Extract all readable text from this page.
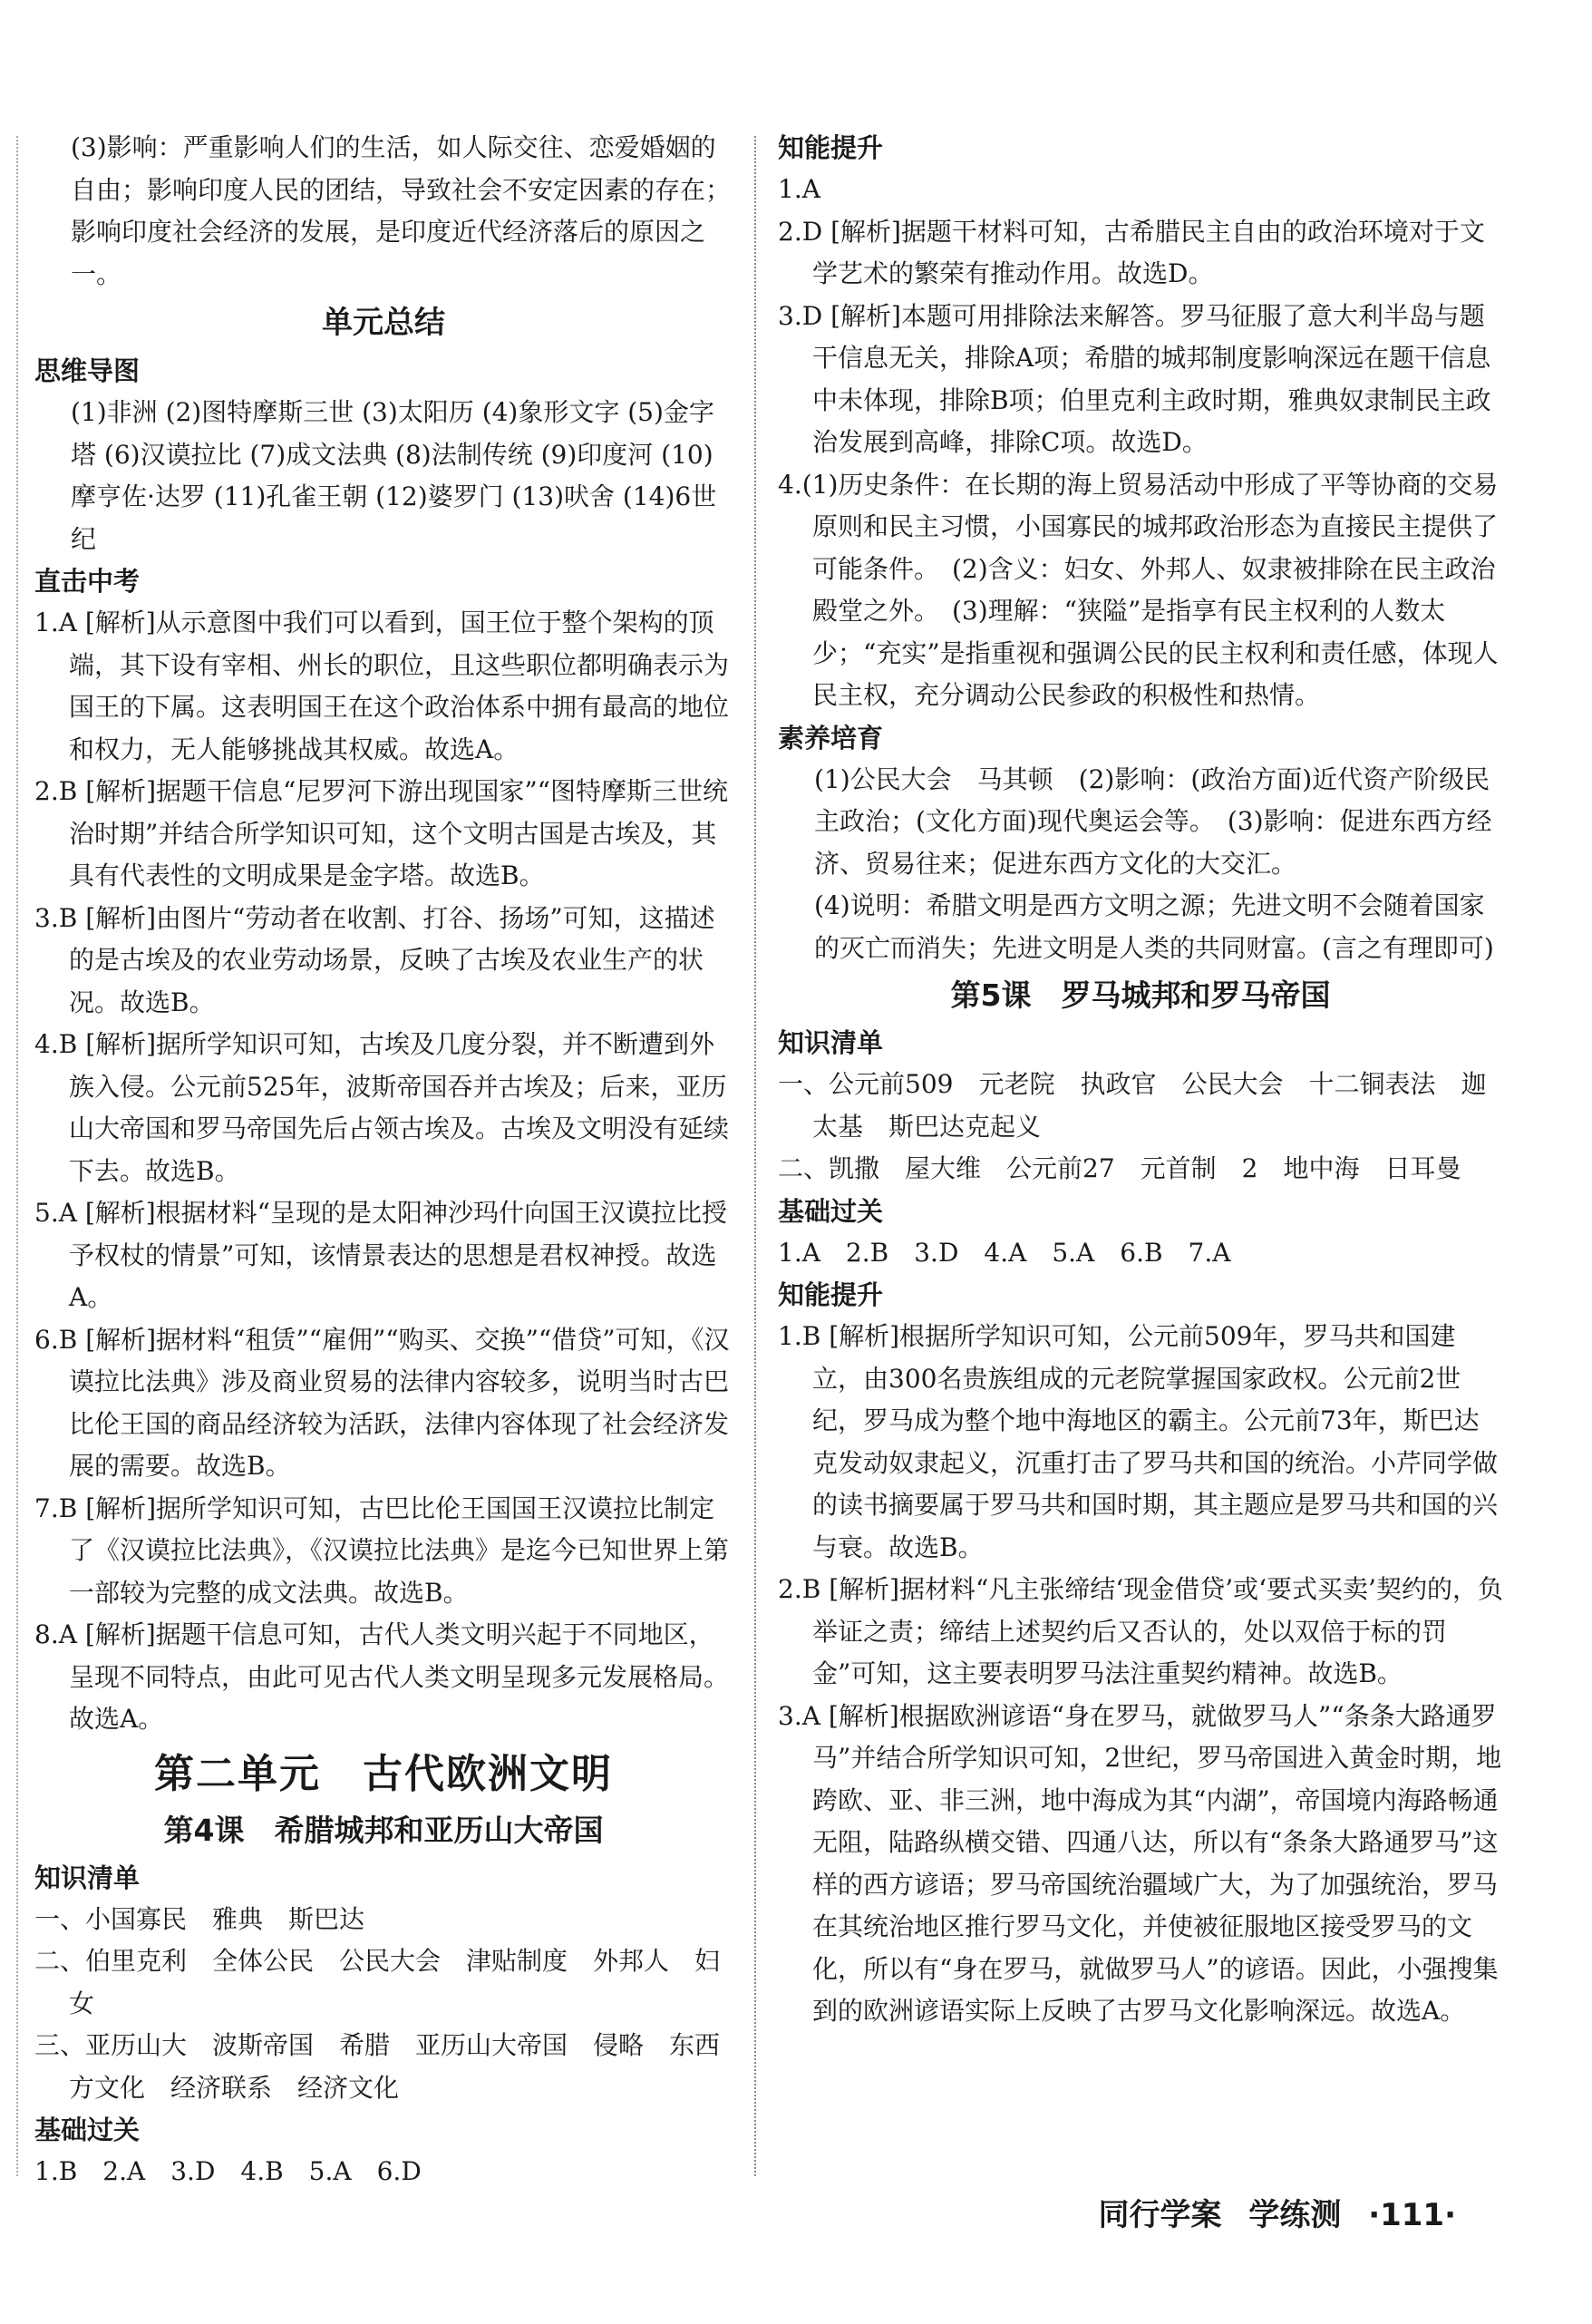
(3)影响：严重影响人们的生活，如人际交往、恋爱婚姻的自由；影响印度人民的团结，导致社会不安定因素的存在；影响印度社会经济的发展，是印度近代经济落后的原因之一。

单元总结

思维导图

(1)非洲 (2)图特摩斯三世 (3)太阳历 (4)象形文字 (5)金字塔 (6)汉谟拉比 (7)成文法典 (8)法制传统 (9)印度河 (10)摩亨佐·达罗 (11)孔雀王朝 (12)婆罗门 (13)吠舍 (14)6世纪

直击中考

1.A [解析]从示意图中我们可以看到，国王位于整个架构的顶端，其下设有宰相、州长的职位，且这些职位都明确表示为国王的下属。这表明国王在这个政治体系中拥有最高的地位和权力，无人能够挑战其权威。故选A。

2.B [解析]据题干信息“尼罗河下游出现国家”“图特摩斯三世统治时期”并结合所学知识可知，这个文明古国是古埃及，其具有代表性的文明成果是金字塔。故选B。

3.B [解析]由图片“劳动者在收割、打谷、扬场”可知，这描述的是古埃及的农业劳动场景，反映了古埃及农业生产的状况。故选B。

4.B [解析]据所学知识可知，古埃及几度分裂，并不断遭到外族入侵。公元前525年，波斯帝国吞并古埃及；后来，亚历山大帝国和罗马帝国先后占领古埃及。古埃及文明没有延续下去。故选B。

5.A [解析]根据材料“呈现的是太阳神沙玛什向国王汉谟拉比授予权杖的情景”可知，该情景表达的思想是君权神授。故选A。

6.B [解析]据材料“租赁”“雇佣”“购买、交换”“借贷”可知，《汉谟拉比法典》涉及商业贸易的法律内容较多，说明当时古巴比伦王国的商品经济较为活跃，法律内容体现了社会经济发展的需要。故选B。

7.B [解析]据所学知识可知，古巴比伦王国国王汉谟拉比制定了《汉谟拉比法典》，《汉谟拉比法典》是迄今已知世界上第一部较为完整的成文法典。故选B。

8.A [解析]据题干信息可知，古代人类文明兴起于不同地区，呈现不同特点，由此可见古代人类文明呈现多元发展格局。故选A。

第二单元　古代欧洲文明
第4课　希腊城邦和亚历山大帝国

知识清单

一、小国寡民　雅典　斯巴达

二、伯里克利　全体公民　公民大会　津贴制度　外邦人　妇女

三、亚历山大　波斯帝国　希腊　亚历山大帝国　侵略　东西方文化　经济联系　经济文化

基础过关

1.B　2.A　3.D　4.B　5.A　6.D

知能提升

1.A

2.D [解析]据题干材料可知，古希腊民主自由的政治环境对于文学艺术的繁荣有推动作用。故选D。

3.D [解析]本题可用排除法来解答。罗马征服了意大利半岛与题干信息无关，排除A项；希腊的城邦制度影响深远在题干信息中未体现，排除B项；伯里克利主政时期，雅典奴隶制民主政治发展到高峰，排除C项。故选D。

4.(1)历史条件：在长期的海上贸易活动中形成了平等协商的交易原则和民主习惯，小国寡民的城邦政治形态为直接民主提供了可能条件。　(2)含义：妇女、外邦人、奴隶被排除在民主政治殿堂之外。　(3)理解：“狭隘”是指享有民主权利的人数太少；“充实”是指重视和强调公民的民主权利和责任感，体现人民主权，充分调动公民参政的积极性和热情。

素养培育

(1)公民大会　马其顿　(2)影响：(政治方面)近代资产阶级民主政治；(文化方面)现代奥运会等。　(3)影响：促进东西方经济、贸易往来；促进东西方文化的大交汇。

(4)说明：希腊文明是西方文明之源；先进文明不会随着国家的灭亡而消失；先进文明是人类的共同财富。(言之有理即可)

第5课　罗马城邦和罗马帝国

知识清单

一、公元前509　元老院　执政官　公民大会　十二铜表法　迦太基　斯巴达克起义

二、凯撒　屋大维　公元前27　元首制　2　地中海　日耳曼

基础过关

1.A　2.B　3.D　4.A　5.A　6.B　7.A

知能提升

1.B [解析]根据所学知识可知，公元前509年，罗马共和国建立，由300名贵族组成的元老院掌握国家政权。公元前2世纪，罗马成为整个地中海地区的霸主。公元前73年，斯巴达克发动奴隶起义，沉重打击了罗马共和国的统治。小芹同学做的读书摘要属于罗马共和国时期，其主题应是罗马共和国的兴与衰。故选B。

2.B [解析]据材料“凡主张缔结‘现金借贷’或‘要式买卖’契约的，负举证之责；缔结上述契约后又否认的，处以双倍于标的罚金”可知，这主要表明罗马法注重契约精神。故选B。

3.A [解析]根据欧洲谚语“身在罗马，就做罗马人”“条条大路通罗马”并结合所学知识可知，2世纪，罗马帝国进入黄金时期，地跨欧、亚、非三洲，地中海成为其“内湖”，帝国境内海路畅通无阻，陆路纵横交错、四通八达，所以有“条条大路通罗马”这样的西方谚语；罗马帝国统治疆域广大，为了加强统治，罗马在其统治地区推行罗马文化，并使被征服地区接受罗马的文化，所以有“身在罗马，就做罗马人”的谚语。因此，小强搜集到的欧洲谚语实际上反映了古罗马文化影响深远。故选A。

同行学案 学练测 ·111·
